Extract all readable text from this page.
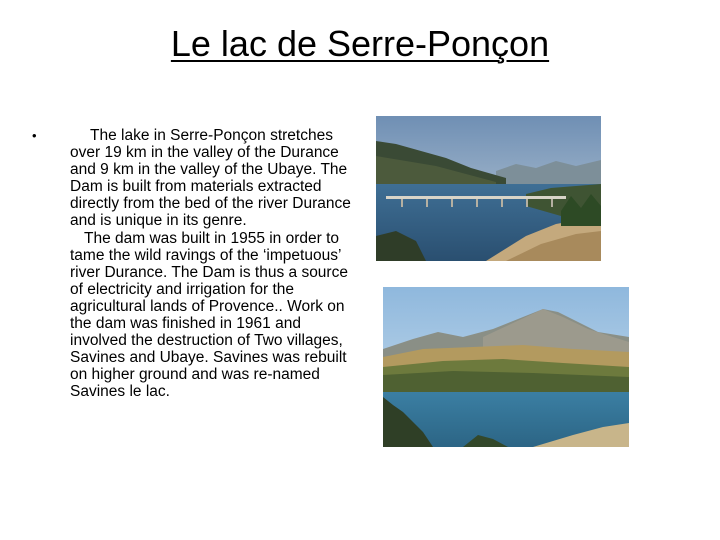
Le lac de Serre-Ponçon
•	The lake in Serre-Ponçon stretches over 19 km in the valley of the Durance and 9 km in the valley of the Ubaye. The Dam is built from materials extracted directly from the bed of the river Durance and is unique in its genre.
The dam was built in 1955 in order to tame the wild ravings of the ‘impetuous’ river Durance. The Dam is thus a source of electricity and irrigation for the agricultural lands of Provence.. Work on the dam was finished in 1961 and involved the destruction of Two villages, Savines and Ubaye. Savines was rebuilt on higher ground and was re-named Savines le lac.
